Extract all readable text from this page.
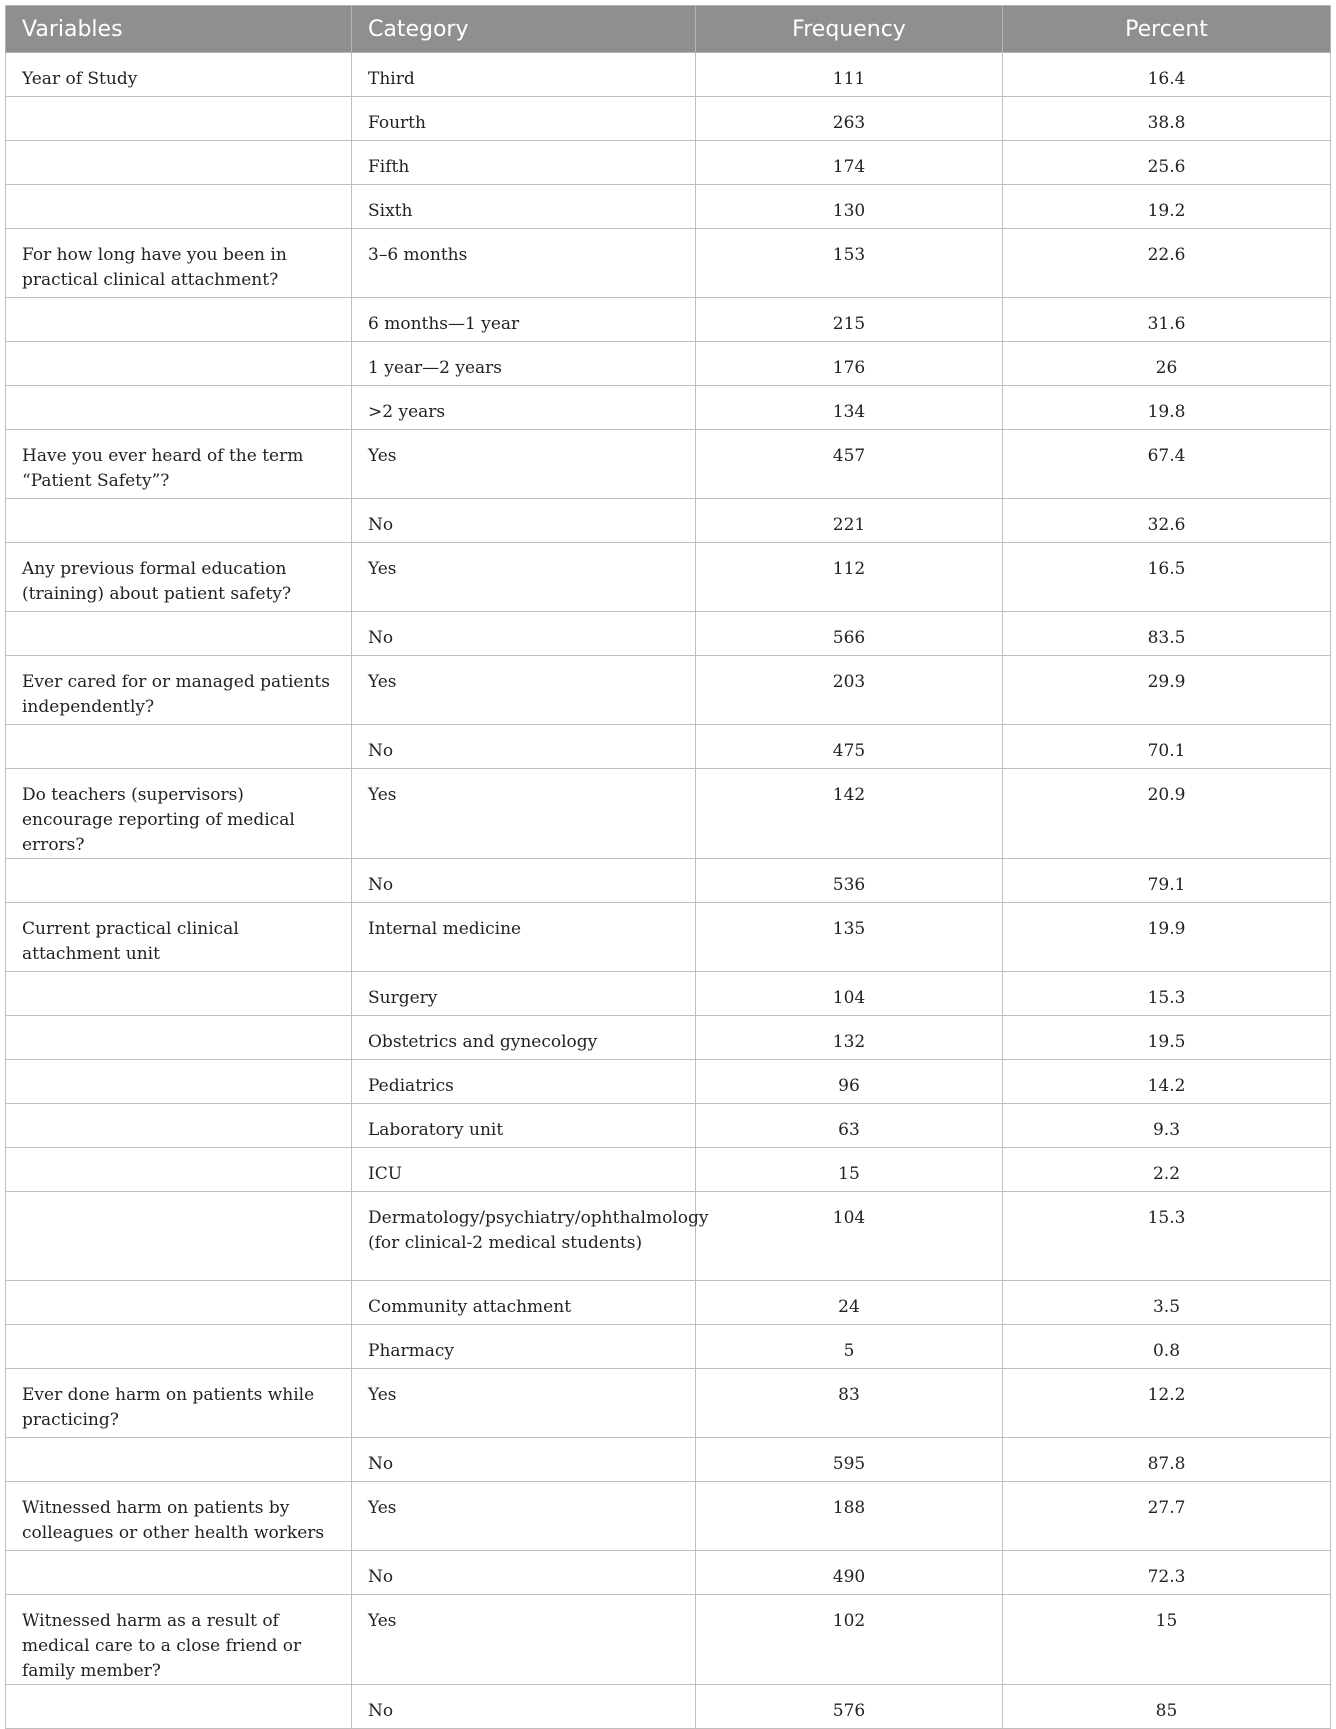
Variables	Category	Frequency	Percent
Year of Study	Third	111	16.4
	Fourth	263	38.8
	Fifth	174	25.6
	Sixth	130	19.2
For how long have you been in practical clinical attachment?	3–6 months	153	22.6
	6 months—1 year	215	31.6
	1 year—2 years	176	26
	>2 years	134	19.8
Have you ever heard of the term “Patient Safety”?	Yes	457	67.4
	No	221	32.6
Any previous formal education (training) about patient safety?	Yes	112	16.5
	No	566	83.5
Ever cared for or managed patients independently?	Yes	203	29.9
	No	475	70.1
Do teachers (supervisors) encourage reporting of medical errors?	Yes	142	20.9
	No	536	79.1
Current practical clinical attachment unit	Internal medicine	135	19.9
	Surgery	104	15.3
	Obstetrics and gynecology	132	19.5
	Pediatrics	96	14.2
	Laboratory unit	63	9.3
	ICU	15	2.2
	Dermatology/psychiatry/ophthalmology (for clinical-2 medical students)	104	15.3
	Community attachment	24	3.5
	Pharmacy	5	0.8
Ever done harm on patients while practicing?	Yes	83	12.2
	No	595	87.8
Witnessed harm on patients by colleagues or other health workers	Yes	188	27.7
	No	490	72.3
Witnessed harm as a result of medical care to a close friend or family member?	Yes	102	15
	No	576	85
